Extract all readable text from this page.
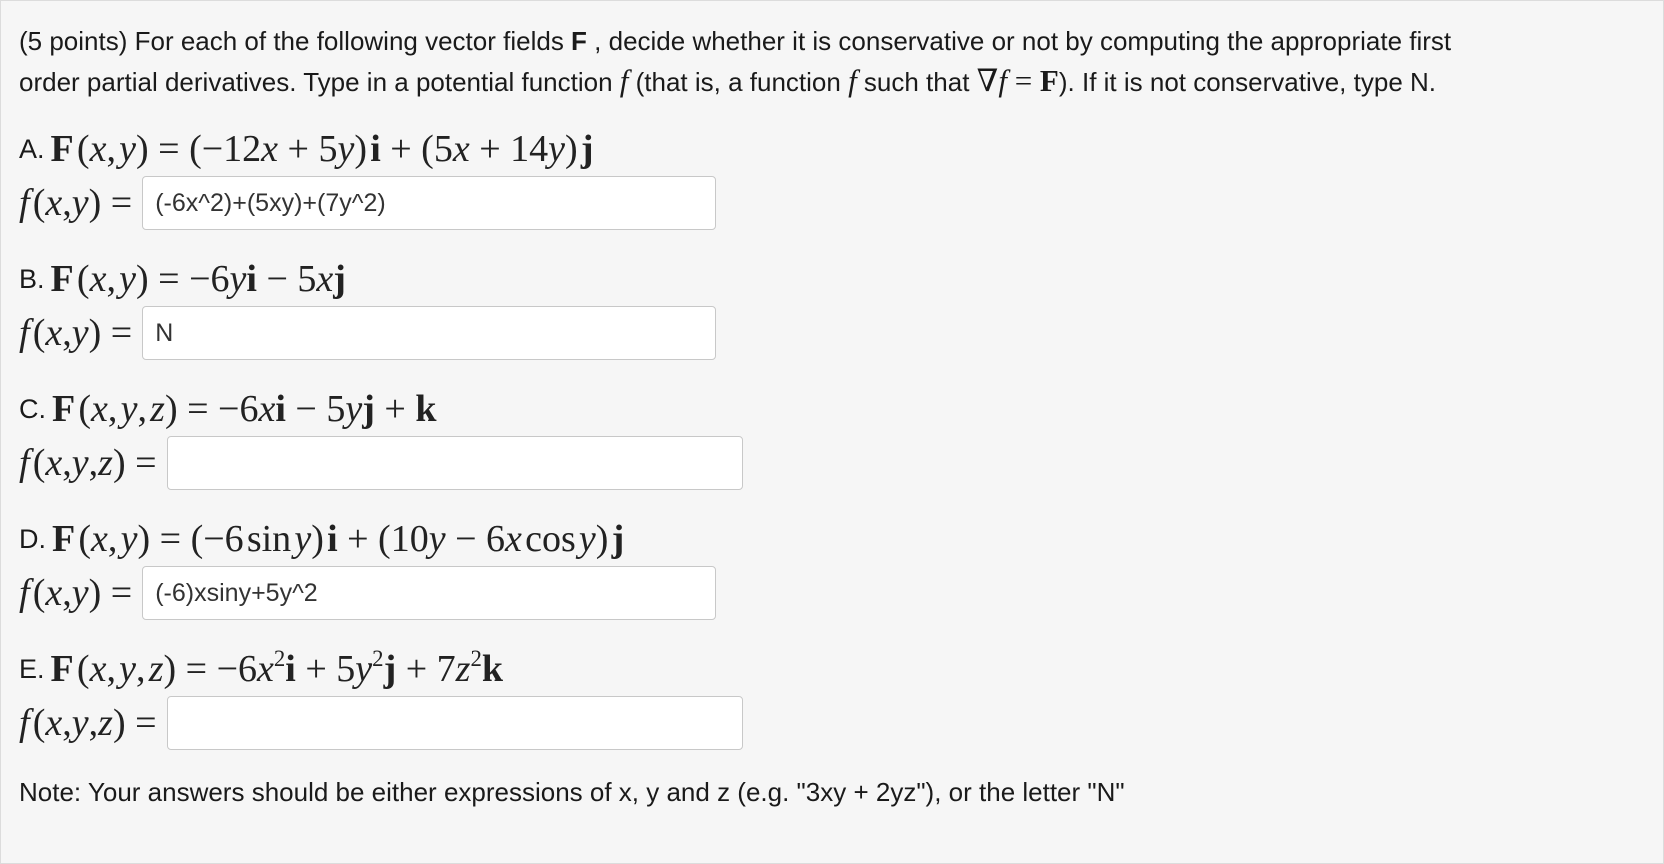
(5 points) For each of the following vector fields F , decide whether it is conservative or not by computing the appropriate first
order partial derivatives. Type in a potential function f (that is, a function f such that ∇f = F). If it is not conservative, type N.
A. F (x, y) = (−12x + 5y) i + (5x + 14y) j
f (x,y) =
(-6x^2)+(5xy)+(7y^2)
B. F (x, y) = −6yi − 5xj
f (x,y) =
N
C. F (x, y, z) = −6xi − 5yj + k
f (x,y,z) =
D. F (x, y) = (−6 sin y) i + (10y − 6x cos y) j
f (x,y) =
(-6)xsiny+5y^2
E. F (x, y, $z) = -6x^2i + 5y^2j + 7z^2k$
f (x,y,z) =
Note: Your answers should be either expressions of x, y and z (e.g. "3xy + 2yz"), or the letter "N"
